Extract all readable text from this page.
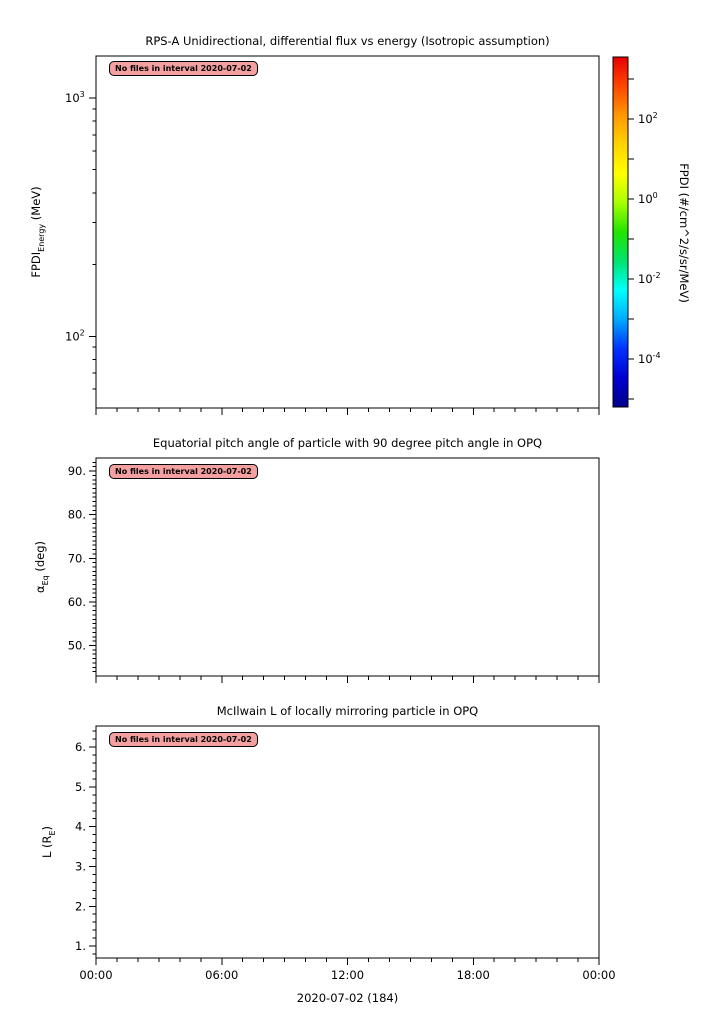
$10^2$
$10^3$
$10^2$
$10^0$
$10^{-2}$
$10^{-4}$
50.
60.
70.
80.
90.
1.
2.
3.
4.
5.
6.
00:00	06:00	12:00	18:00	00:00
RPS-A Unidirectional, differential flux vs energy (Isotropic assumption)
Equatorial pitch angle of particle with 90 degree pitch angle in OPQ
McIlwain L of locally mirroring particle in OPQ
$FPDI_{Energy}$ (MeV)
$\alpha_{Eq}$ (deg)
L $(R_E)$
FPDI (#/cm^2/s/sr/MeV)
No files in interval 2020-07-02
No files in interval 2020-07-02
No files in interval 2020-07-02
2020-07-02 (184)
